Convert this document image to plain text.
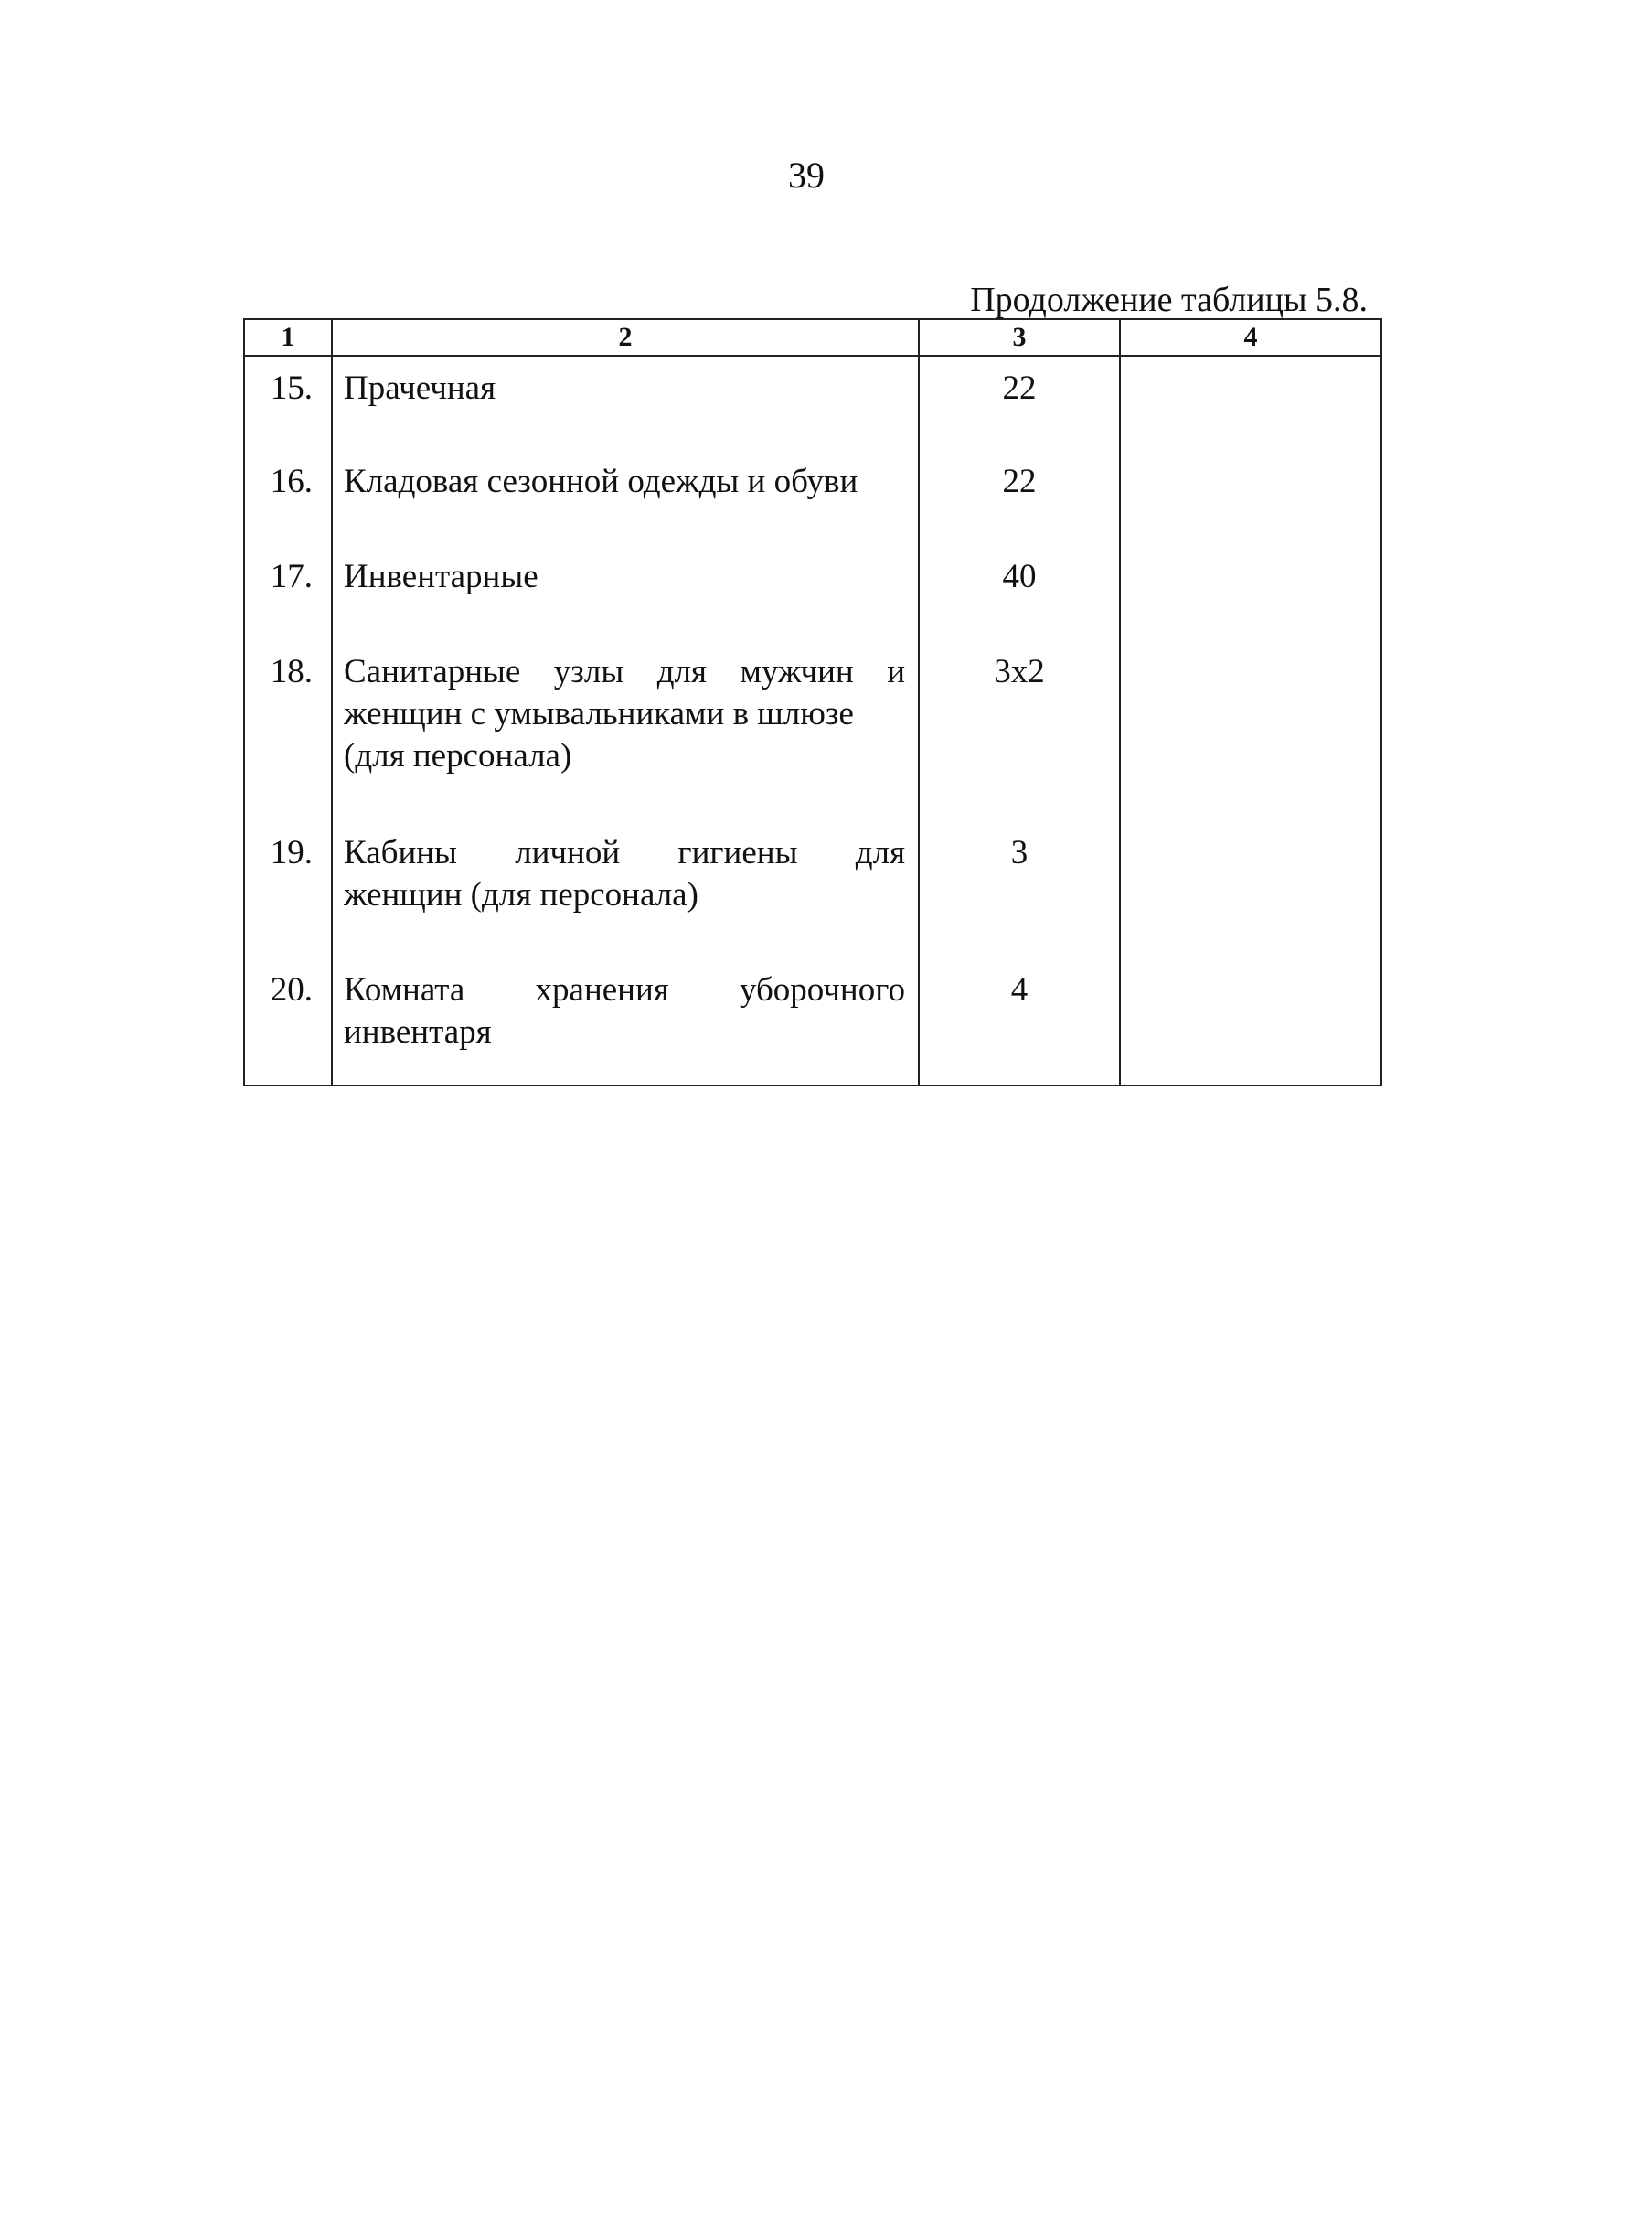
39
Продолжение таблицы 5.8.
1	2	3	4
15.	Прачечная	22	
16.	Кладовая сезонной одежды и обуви	22	
17.	Инвентарные	40	
18.	Санитарные узлы для мужчин и
женщин с умывальниками в шлюзе
(для персонала)	3x2	
19.	Кабины личной гигиены для
женщин (для персонала)	3	
20.	Комната хранения уборочного
инвентаря	4	
